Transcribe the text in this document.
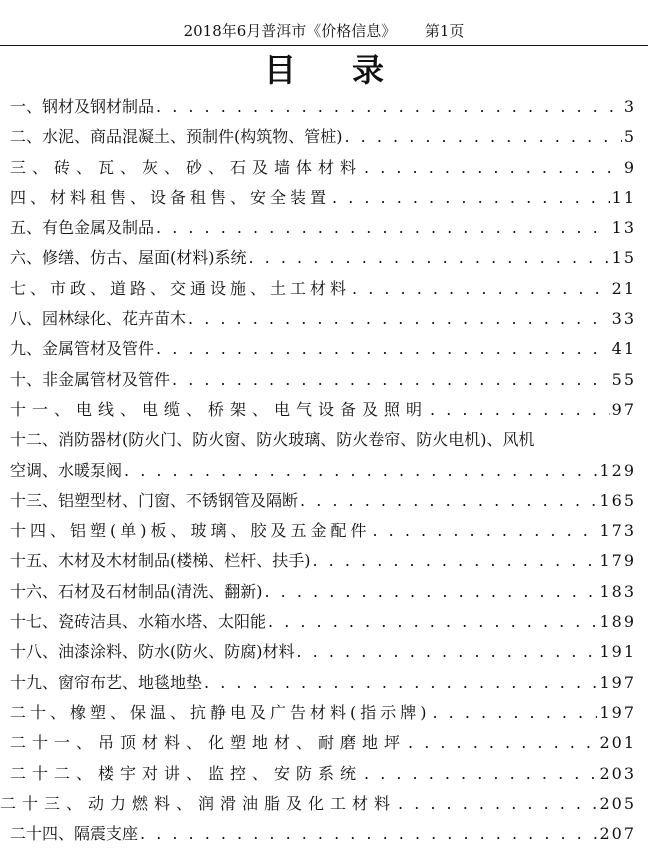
2018年6月普洱市《价格信息》 第1页
目录
一、钢材及钢材制品 . . .	3
二、水泥、商品混凝土、预制件(构筑物、管桩) . . .	5
三、砖、瓦、灰、砂、石及墙体材料 . . .	9
四、材料租售、设备租售、安全装置 . . .	11
五、有色金属及制品 . . .	13
六、修缮、仿古、屋面(材料)系统 . . .	15
七、市政、道路、交通设施、土工材料 . . .	21
八、园林绿化、花卉苗木 . . .	33
九、金属管材及管件 . . .	41
十、非金属管材及管件 . . .	55
十一、电线、电缆、桥架、电气设备及照明 . . .	97
十二、消防器材(防火门、防火窗、防火玻璃、防火卷帘、防火电机)、风机
空调、水暖泵阀 . . .	129
十三、铝塑型材、门窗、不锈钢管及隔断 . . .	165
十四、铝塑(单)板、玻璃、胶及五金配件 . . .	173
十五、木材及木材制品(楼梯、栏杆、扶手) . . .	179
十六、石材及石材制品(清洗、翻新) . . .	183
十七、瓷砖洁具、水箱水塔、太阳能 . . .	189
十八、油漆涂料、防水(防火、防腐)材料 . . .	191
十九、窗帘布艺、地毯地垫 . . .	197
二十、橡塑、保温、抗静电及广告材料(指示牌) . . .	197
二十一、吊顶材料、化塑地材、耐磨地坪 . . .	201
二十二、楼宇对讲、监控、安防系统 . . .	203
二十三、动力燃料、润滑油脂及化工材料 . . .	205
二十四、隔震支座 . . .	207
